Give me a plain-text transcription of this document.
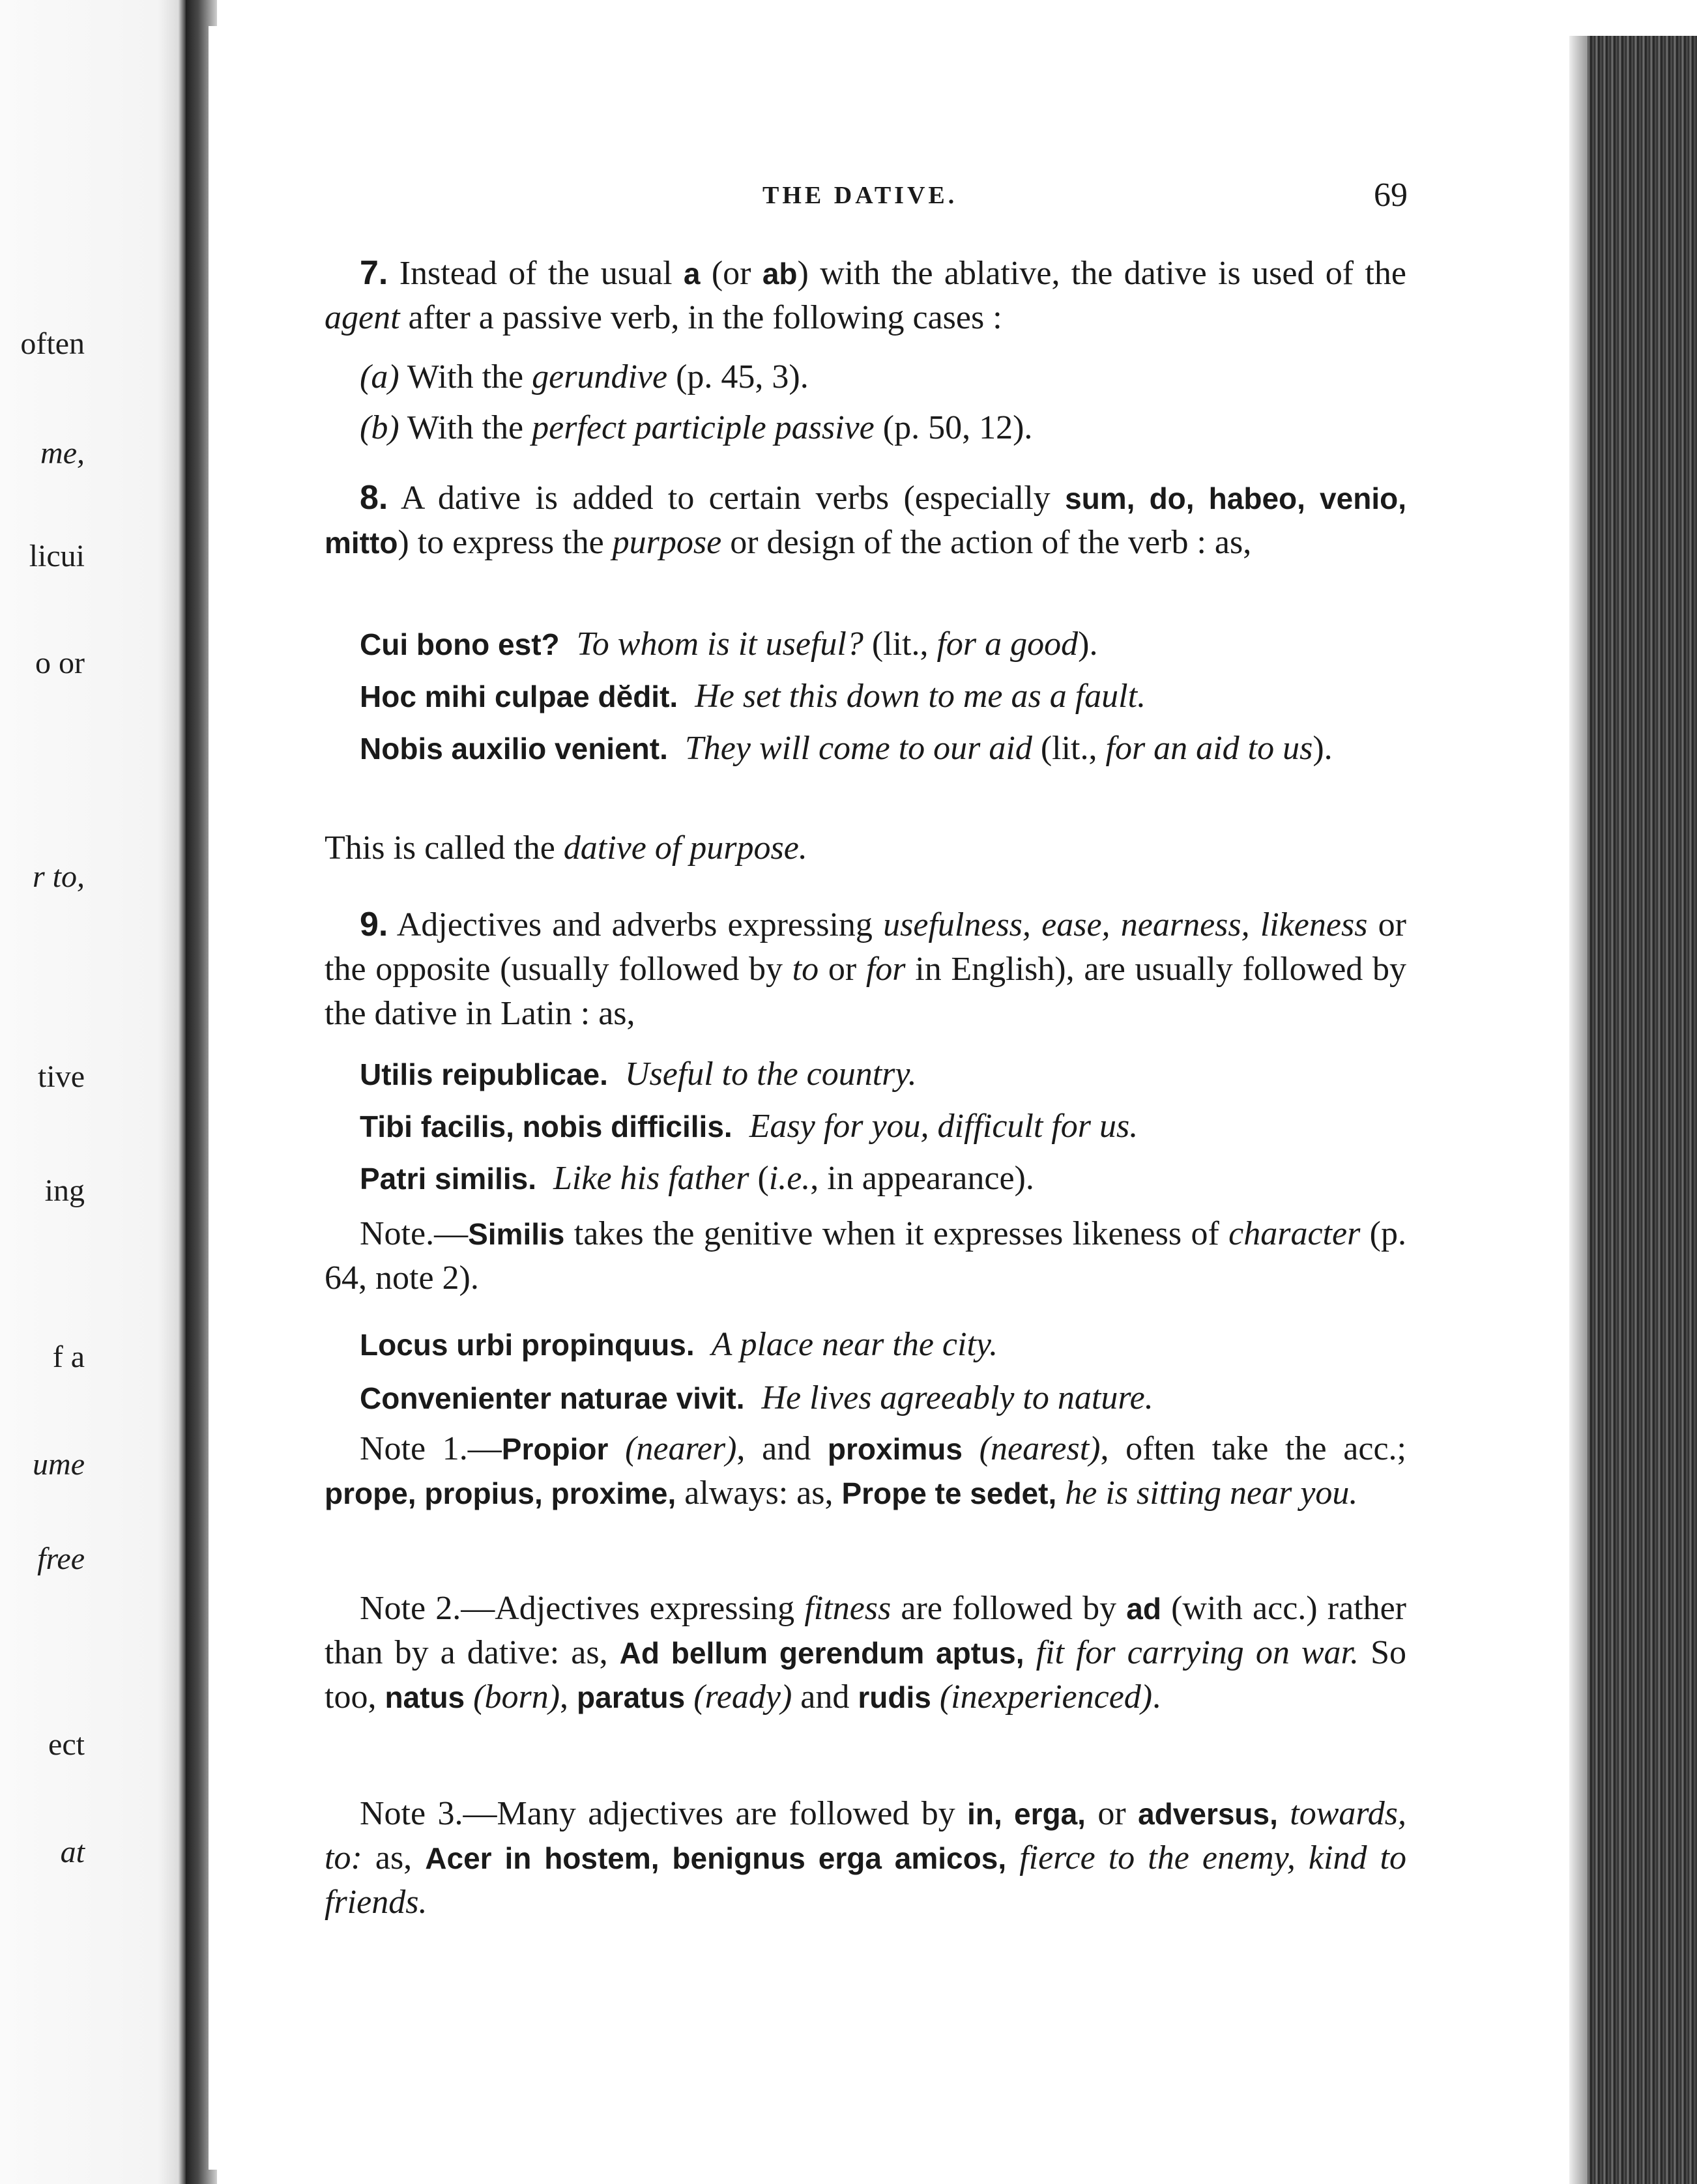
often
me,
licui
o or
r to,
tive
ing
f a
ume
free
ect
at
THE DATIVE.	69
7. Instead of the usual a (or ab) with the ablative, the dative is used of the agent after a passive verb, in the following cases :
(a) With the gerundive (p. 45, 3).
(b) With the perfect participle passive (p. 50, 12).
8. A dative is added to certain verbs (especially sum, do, habeo, venio, mitto) to express the purpose or design of the action of the verb : as,
Cui bono est? To whom is it useful? (lit., for a good).
Hoc mihi culpae dĕdit. He set this down to me as a fault.
Nobis auxilio venient. They will come to our aid (lit., for an aid to us).
This is called the dative of purpose.
9. Adjectives and adverbs expressing usefulness, ease, nearness, likeness or the opposite (usually followed by to or for in English), are usually followed by the dative in Latin : as,
Utilis reipublicae. Useful to the country.
Tibi facilis, nobis difficilis. Easy for you, difficult for us.
Patri similis. Like his father (i.e., in appearance).
Note.—Similis takes the genitive when it expresses likeness of character (p. 64, note 2).
Locus urbi propinquus. A place near the city.
Convenienter naturae vivit. He lives agreeably to nature.
Note 1.—Propior (nearer), and proximus (nearest), often take the acc.; prope, propius, proxime, always: as, Prope te sedet, he is sitting near you.
Note 2.—Adjectives expressing fitness are followed by ad (with acc.) rather than by a dative: as, Ad bellum gerendum aptus, fit for carrying on war. So too, natus (born), paratus (ready) and rudis (inexperienced).
Note 3.—Many adjectives are followed by in, erga, or adversus, towards, to: as, Acer in hostem, benignus erga amicos, fierce to the enemy, kind to friends.
